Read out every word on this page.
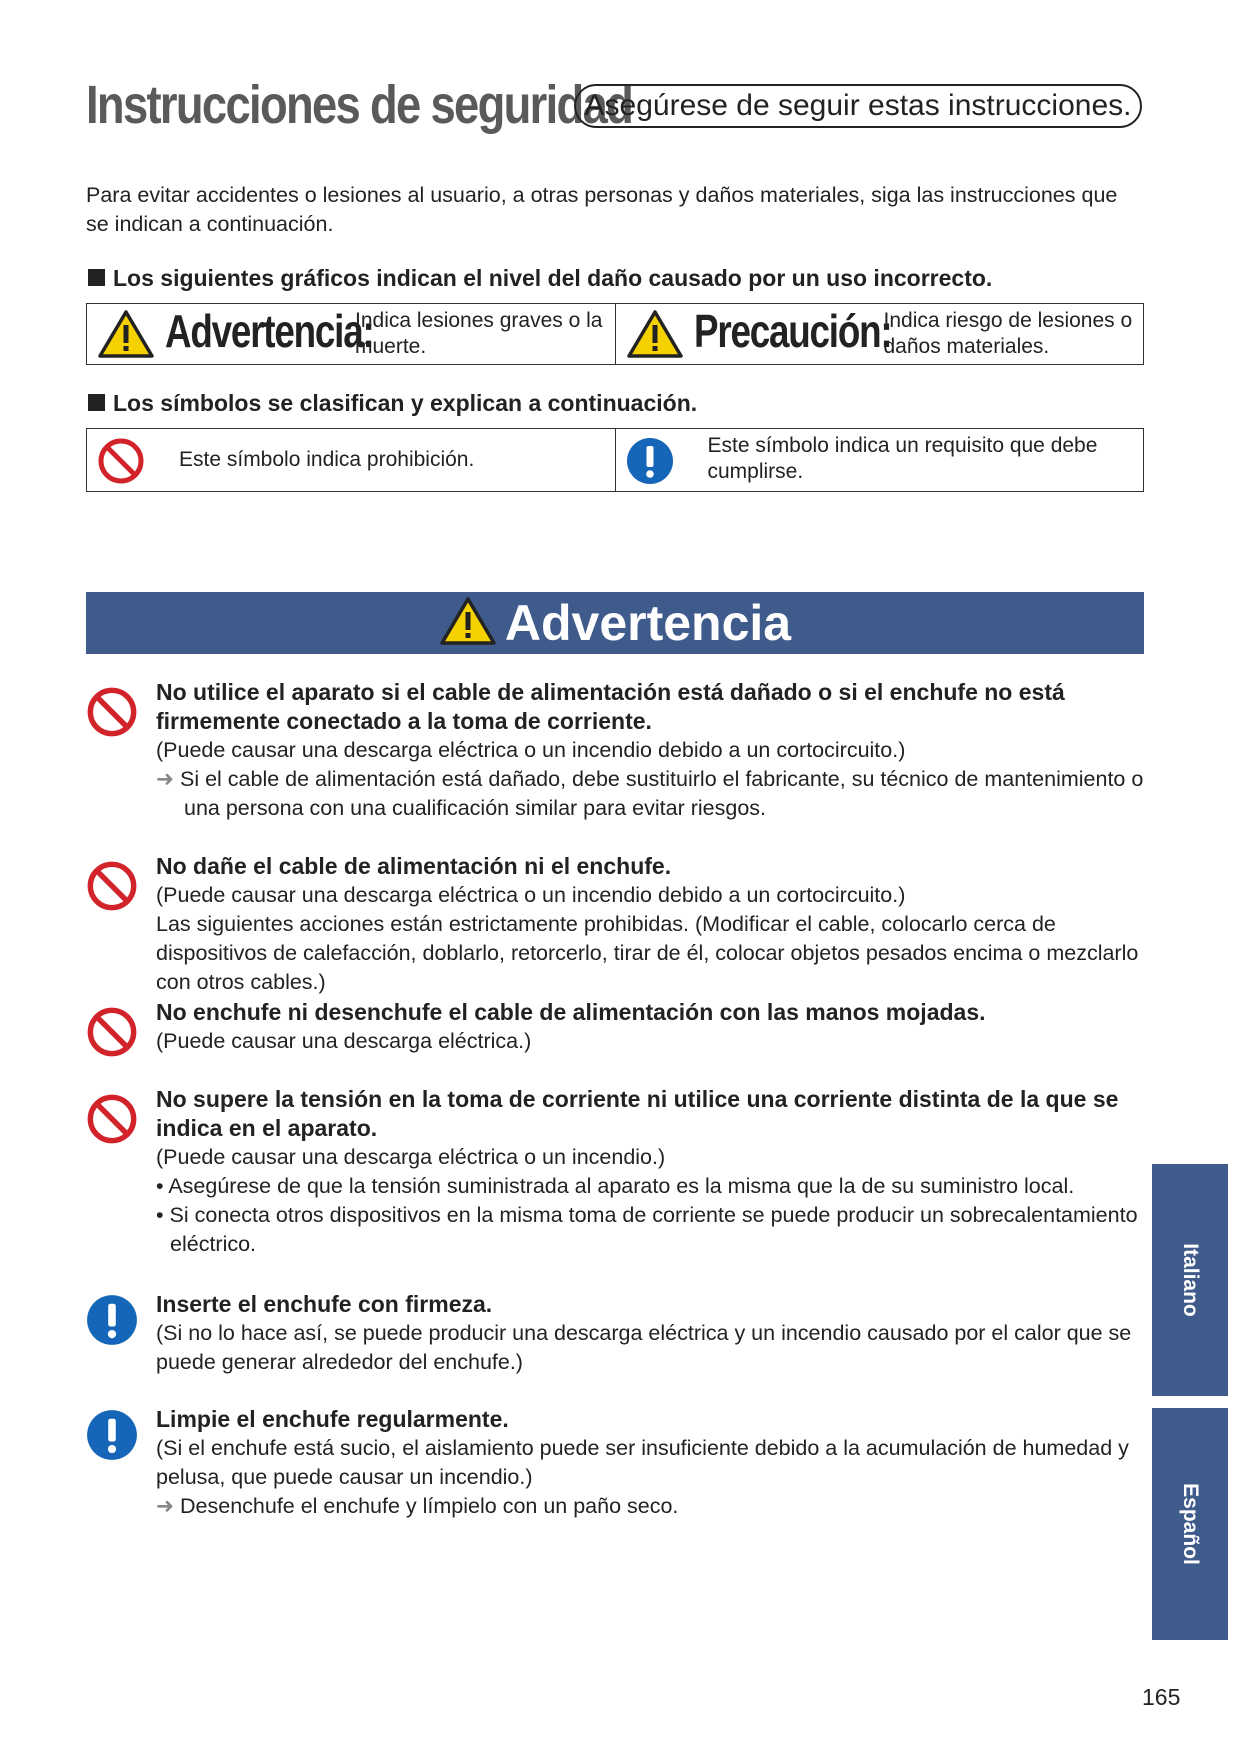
Instrucciones de seguridad
Asegúrese de seguir estas instrucciones.
Para evitar accidentes o lesiones al usuario, a otras personas y daños materiales, siga las instrucciones que se indican a continuación.
Los siguientes gráficos indican el nivel del daño causado por un uso incorrecto.
Advertencia:
Indica lesiones graves o la muerte.	Precaución:
Indica riesgo de lesiones o daños materiales.
Los símbolos se clasifican y explican a continuación.
Este símbolo indica prohibición.
Este símbolo indica un requisito que debe cumplirse.
Advertencia
No utilice el aparato si el cable de alimentación está dañado o si el enchufe no está firmemente conectado a la toma de corriente.

(Puede causar una descarga eléctrica o un incendio debido a un cortocircuito.)

➜ Si el cable de alimentación está dañado, debe sustituirlo el fabricante, su técnico de mantenimiento o una persona con una cualificación similar para evitar riesgos.

No dañe el cable de alimentación ni el enchufe.

(Puede causar una descarga eléctrica o un incendio debido a un cortocircuito.)

Las siguientes acciones están estrictamente prohibidas. (Modificar el cable, colocarlo cerca de dispositivos de calefacción, doblarlo, retorcerlo, tirar de él, colocar objetos pesados encima o mezclarlo con otros cables.)

No enchufe ni desenchufe el cable de alimentación con las manos mojadas.

(Puede causar una descarga eléctrica.)

No supere la tensión en la toma de corriente ni utilice una corriente distinta de la que se indica en el aparato.

(Puede causar una descarga eléctrica o un incendio.)

• Asegúrese de que la tensión suministrada al aparato es la misma que la de su suministro local.

• Si conecta otros dispositivos en la misma toma de corriente se puede producir un sobrecalentamiento eléctrico.

Inserte el enchufe con firmeza.

(Si no lo hace así, se puede producir una descarga eléctrica y un incendio causado por el calor que se puede generar alrededor del enchufe.)

Limpie el enchufe regularmente.

(Si el enchufe está sucio, el aislamiento puede ser insuficiente debido a la acumulación de humedad y pelusa, que puede causar un incendio.)

➜ Desenchufe el enchufe y límpielo con un paño seco.

Italiano
Español
165
